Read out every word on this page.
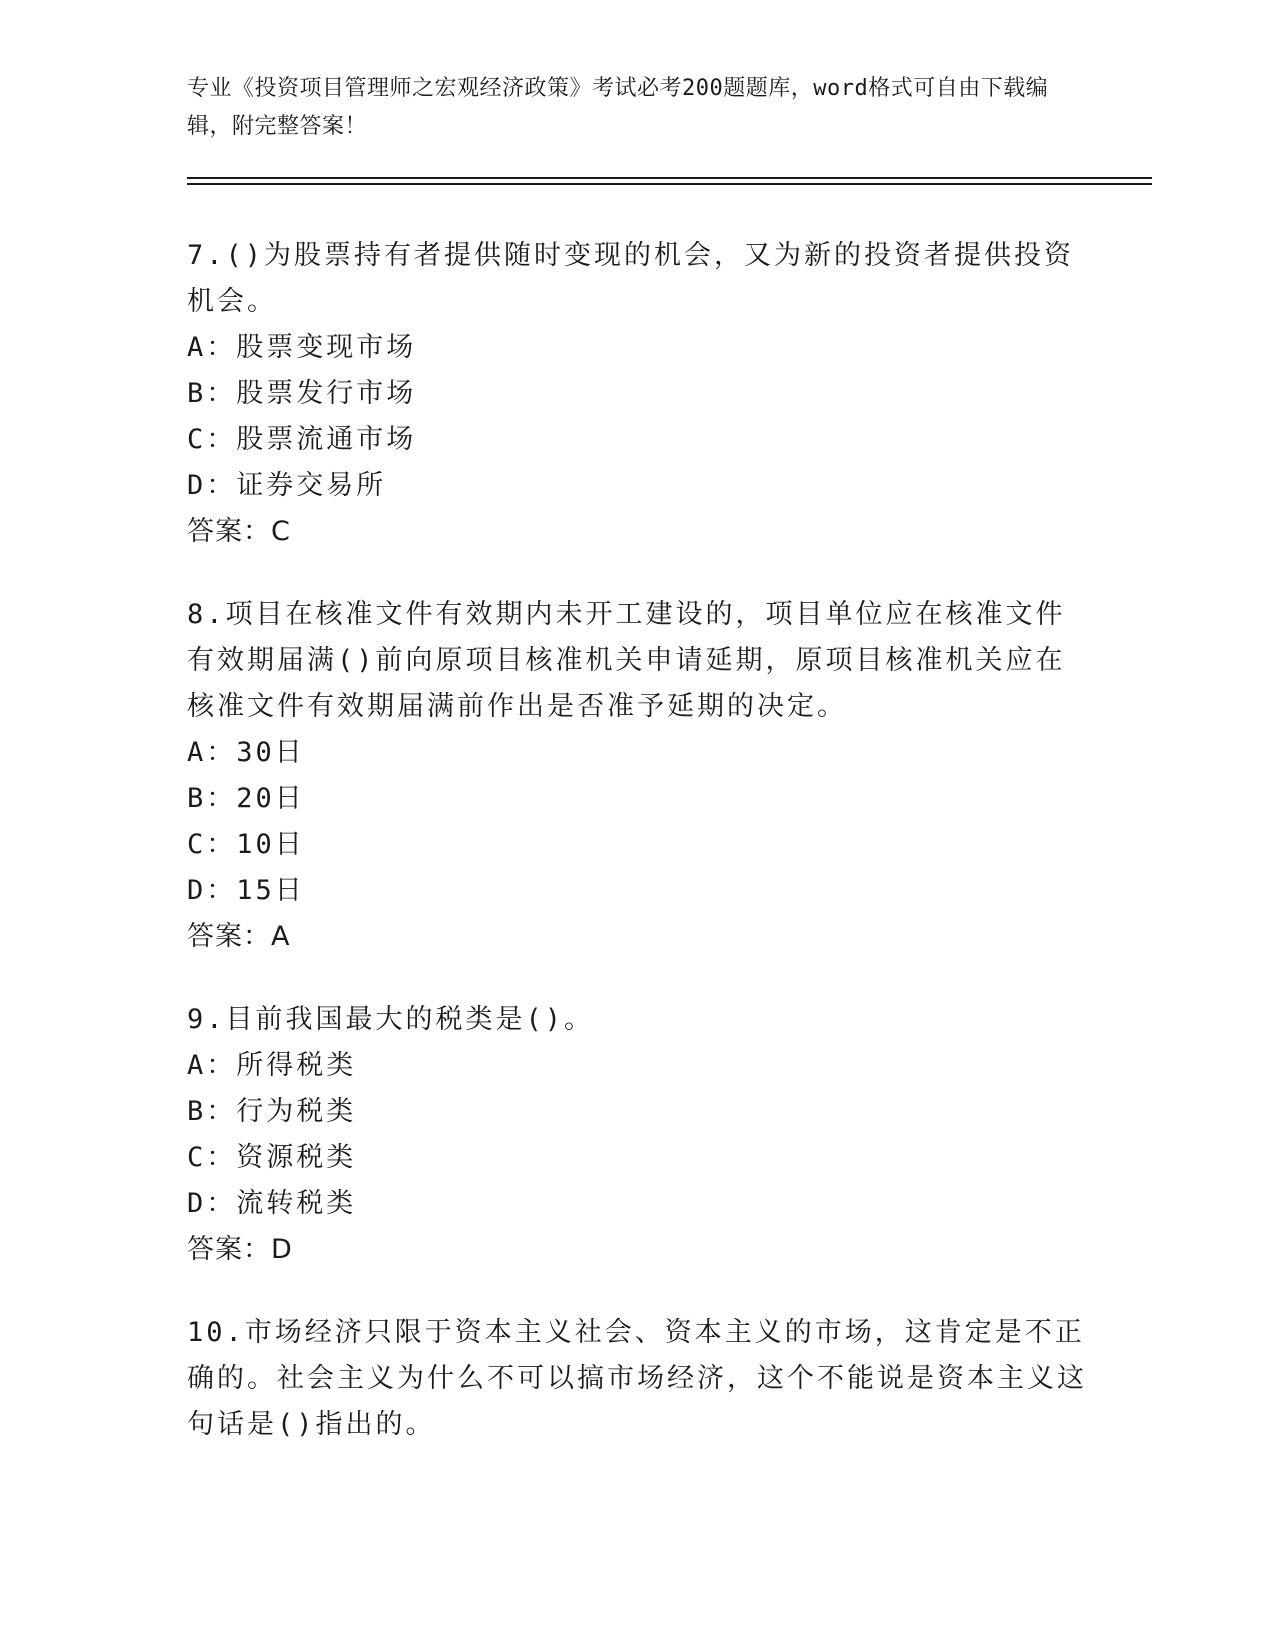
专业《投资项目管理师之宏观经济政策》考试必考200题题库，word格式可自由下载编辑，附完整答案！

7.()为股票持有者提供随时变现的机会，又为新的投资者提供投资机会。

A：股票变现市场

B：股票发行市场

C：股票流通市场

D：证券交易所

答案：C

8.项目在核准文件有效期内未开工建设的，项目单位应在核准文件有效期届满()前向原项目核准机关申请延期，原项目核准机关应在核准文件有效期届满前作出是否准予延期的决定。

A：30日

B：20日

C：10日

D：15日

答案：A

9.目前我国最大的税类是()。

A：所得税类

B：行为税类

C：资源税类

D：流转税类

答案：D

10.市场经济只限于资本主义社会、资本主义的市场，这肯定是不正确的。社会主义为什么不可以搞市场经济，这个不能说是资本主义这句话是()指出的。
